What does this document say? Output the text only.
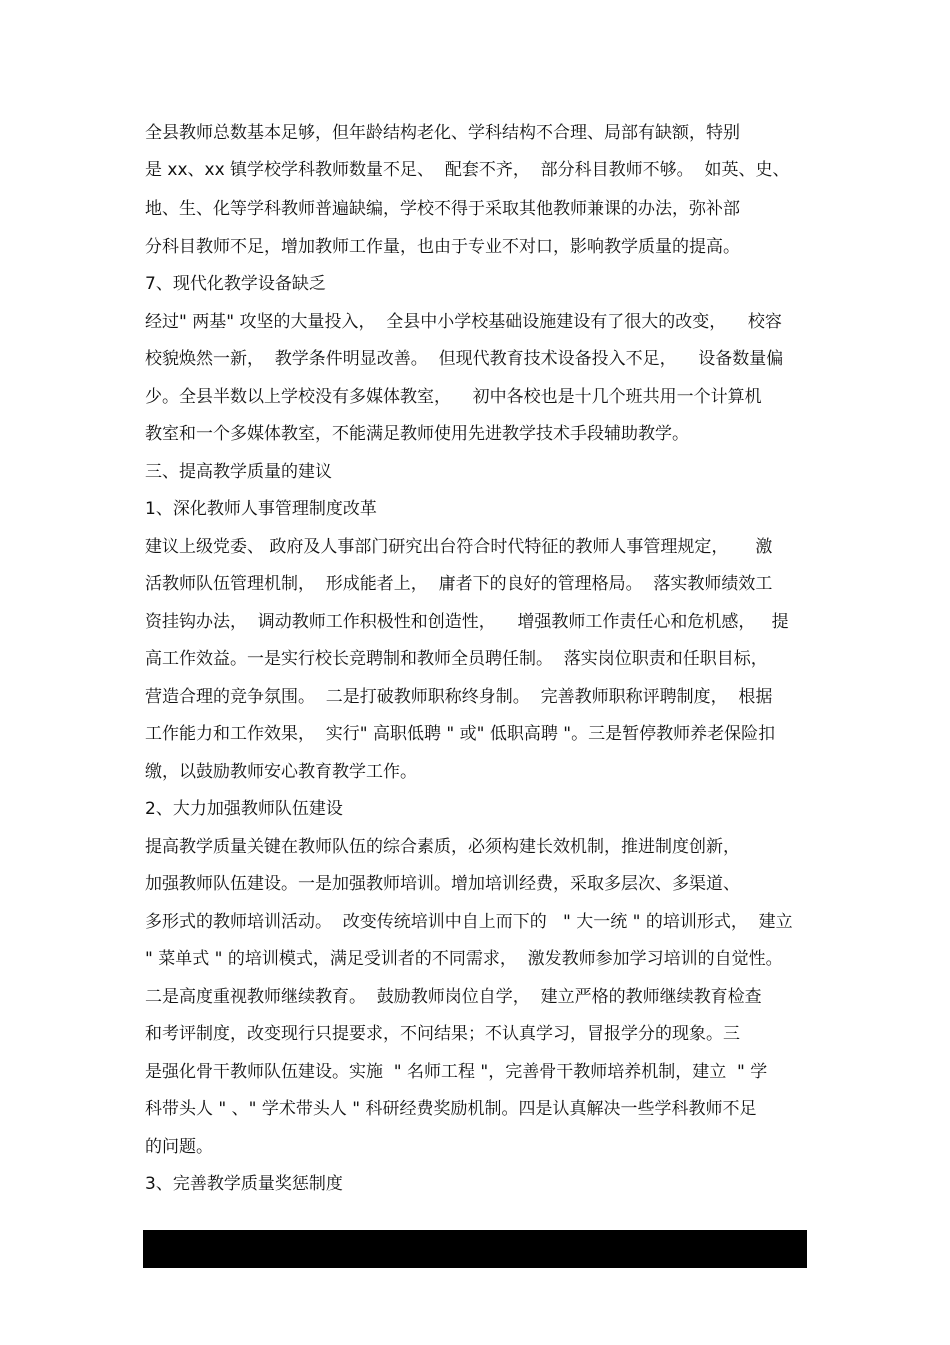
全县教师总数基本足够，但年龄结构老化、学科结构不合理、局部有缺额，特别
是 xx、xx 镇学校学科教师数量不足、  配套不齐，  部分科目教师不够。  如英、史、
地、生、化等学科教师普遍缺编，学校不得于采取其他教师兼课的办法，弥补部
分科目教师不足，增加教师工作量，也由于专业不对口，影响教学质量的提高。
7、现代化教学设备缺乏
经过" 两基" 攻坚的大量投入，  全县中小学校基础设施建设有了很大的改变，    校容
校貌焕然一新，  教学条件明显改善。  但现代教育技术设备投入不足，    设备数量偏
少。全县半数以上学校没有多媒体教室，    初中各校也是十几个班共用一个计算机
教室和一个多媒体教室，不能满足教师使用先进教学技术手段辅助教学。
三、提高教学质量的建议
1、深化教师人事管理制度改革
建议上级党委、 政府及人事部门研究出台符合时代特征的教师人事管理规定，     激
活教师队伍管理机制，  形成能者上，  庸者下的良好的管理格局。  落实教师绩效工
资挂钩办法，  调动教师工作积极性和创造性，    增强教师工作责任心和危机感，   提
高工作效益。一是实行校长竞聘制和教师全员聘任制。  落实岗位职责和任职目标，
营造合理的竞争氛围。  二是打破教师职称终身制。  完善教师职称评聘制度，  根据
工作能力和工作效果，  实行" 高职低聘 " 或" 低职高聘 "。三是暂停教师养老保险扣
缴，以鼓励教师安心教育教学工作。
2、大力加强教师队伍建设
提高教学质量关键在教师队伍的综合素质，必须构建长效机制，推进制度创新，
加强教师队伍建设。一是加强教师培训。增加培训经费，采取多层次、多渠道、
多形式的教师培训活动。  改变传统培训中自上而下的   " 大一统 " 的培训形式，  建立
" 菜单式 " 的培训模式，满足受训者的不同需求，  激发教师参加学习培训的自觉性。
二是高度重视教师继续教育。  鼓励教师岗位自学，  建立严格的教师继续教育检查
和考评制度，改变现行只提要求，不问结果；不认真学习，冒报学分的现象。三
是强化骨干教师队伍建设。实施  " 名师工程 "，完善骨干教师培养机制，建立  " 学
科带头人 " 、" 学术带头人 " 科研经费奖励机制。四是认真解决一些学科教师不足
的问题。
3、完善教学质量奖惩制度
